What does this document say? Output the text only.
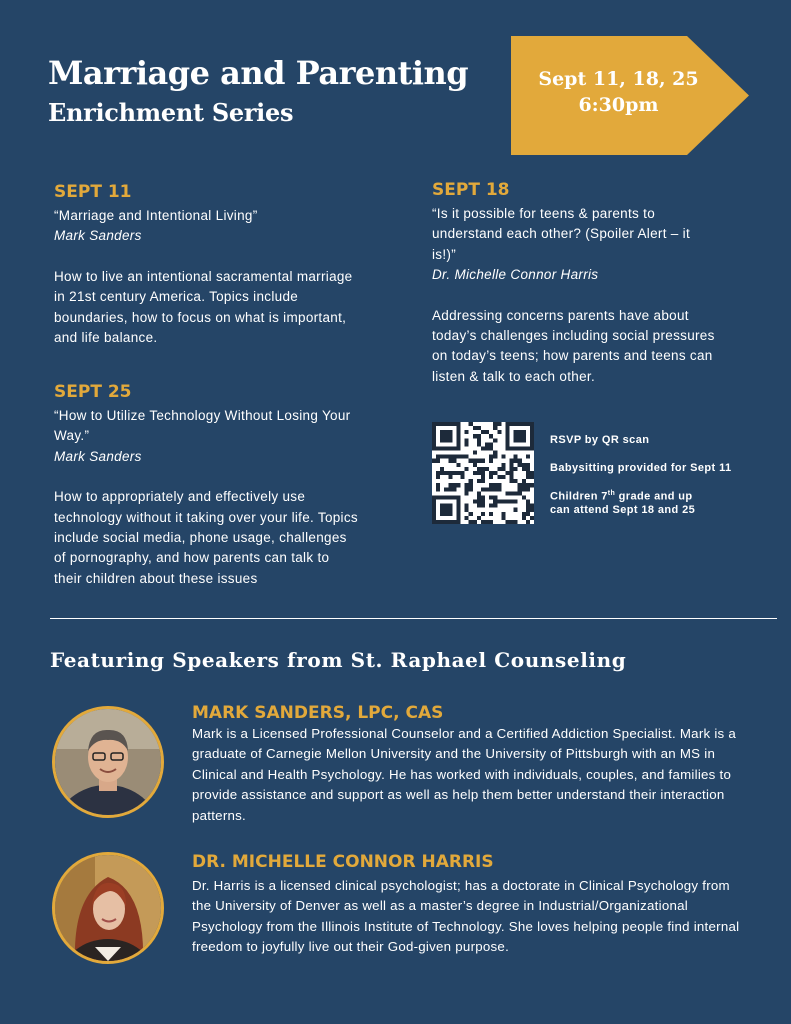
Marriage and Parenting
Enrichment Series
Sept 11, 18, 25
6:30pm
SEPT 11
“Marriage and Intentional Living”
Mark Sanders
How to live an intentional sacramental marriage in 21st century America. Topics include boundaries, how to focus on what is important, and life balance.
SEPT 25
“How to Utilize Technology Without Losing Your Way.”
Mark Sanders
How to appropriately and effectively use technology without it taking over your life. Topics include social media, phone usage, challenges of pornography, and how parents can talk to their children about these issues
SEPT 18
“Is it possible for teens & parents to understand each other? (Spoiler Alert – it is!)”
Dr. Michelle Connor Harris
Addressing concerns parents have about today’s challenges including social pressures on today’s teens; how parents and teens can listen & talk to each other.
RSVP by QR scan
Babysitting provided for Sept 11
Children 7th grade and up
can attend Sept 18 and 25
Featuring Speakers from St. Raphael Counseling
MARK SANDERS, LPC, CAS
Mark is a Licensed Professional Counselor and a Certified Addiction Specialist. Mark is a graduate of Carnegie Mellon University and the University of Pittsburgh with an MS in Clinical and Health Psychology. He has worked with individuals, couples, and families to provide assistance and support as well as help them better understand their interaction patterns.
DR. MICHELLE CONNOR HARRIS
Dr. Harris is a licensed clinical psychologist; has a doctorate in Clinical Psychology from the University of Denver as well as a master’s degree in Industrial/Organizational Psychology from the Illinois Institute of Technology. She loves helping people find internal freedom to joyfully live out their God-given purpose.
